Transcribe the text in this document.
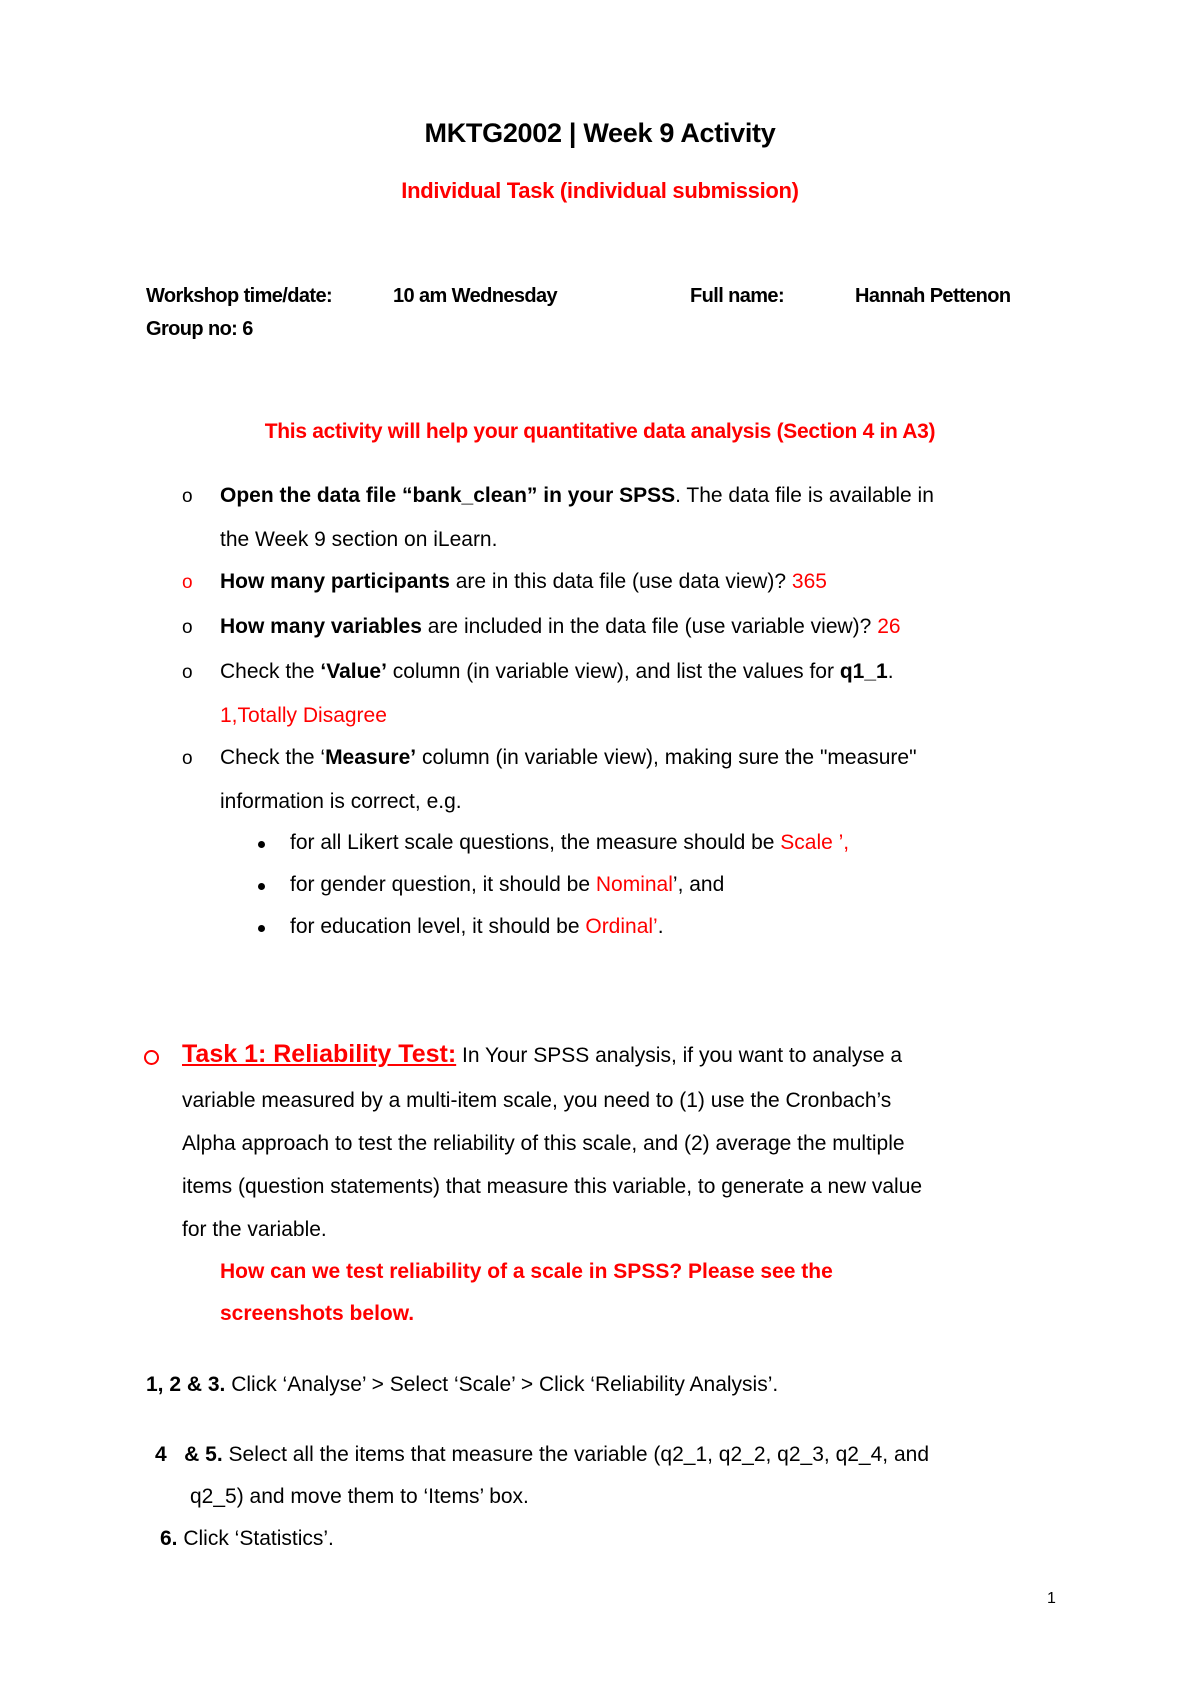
MKTG2002 | Week 9 Activity
Individual Task (individual submission)
Workshop time/date:	10 am Wednesday	Full name:	Hannah Pettenon
Group no: 6
This activity will help your quantitative data analysis (Section 4 in A3)
o Open the data file “bank_clean” in your SPSS. The data file is available in
the Week 9 section on iLearn.
o How many participants are in this data file (use data view)? 365
o How many variables are included in the data file (use variable view)? 26
o Check the ‘Value’ column (in variable view), and list the values for q1_1.
1,Totally Disagree
o Check the ‘Measure’ column (in variable view), making sure the "measure"
information is correct, e.g.
for all Likert scale questions, the measure should be Scale ’,
for gender question, it should be Nominal’, and
for education level, it should be Ordinal’.
Task 1: Reliability Test: In Your SPSS analysis, if you want to analyse a
variable measured by a multi-item scale, you need to (1) use the Cronbach’s
Alpha approach to test the reliability of this scale, and (2) average the multiple
items (question statements) that measure this variable, to generate a new value
for the variable.
How can we test reliability of a scale in SPSS? Please see the
screenshots below.
1, 2 & 3. Click ‘Analyse’ > Select ‘Scale’ > Click ‘Reliability Analysis’.
4   & 5. Select all the items that measure the variable (q2_1, q2_2, q2_3, q2_4, and
q2_5) and move them to ‘Items’ box.
6. Click ‘Statistics’.
1
